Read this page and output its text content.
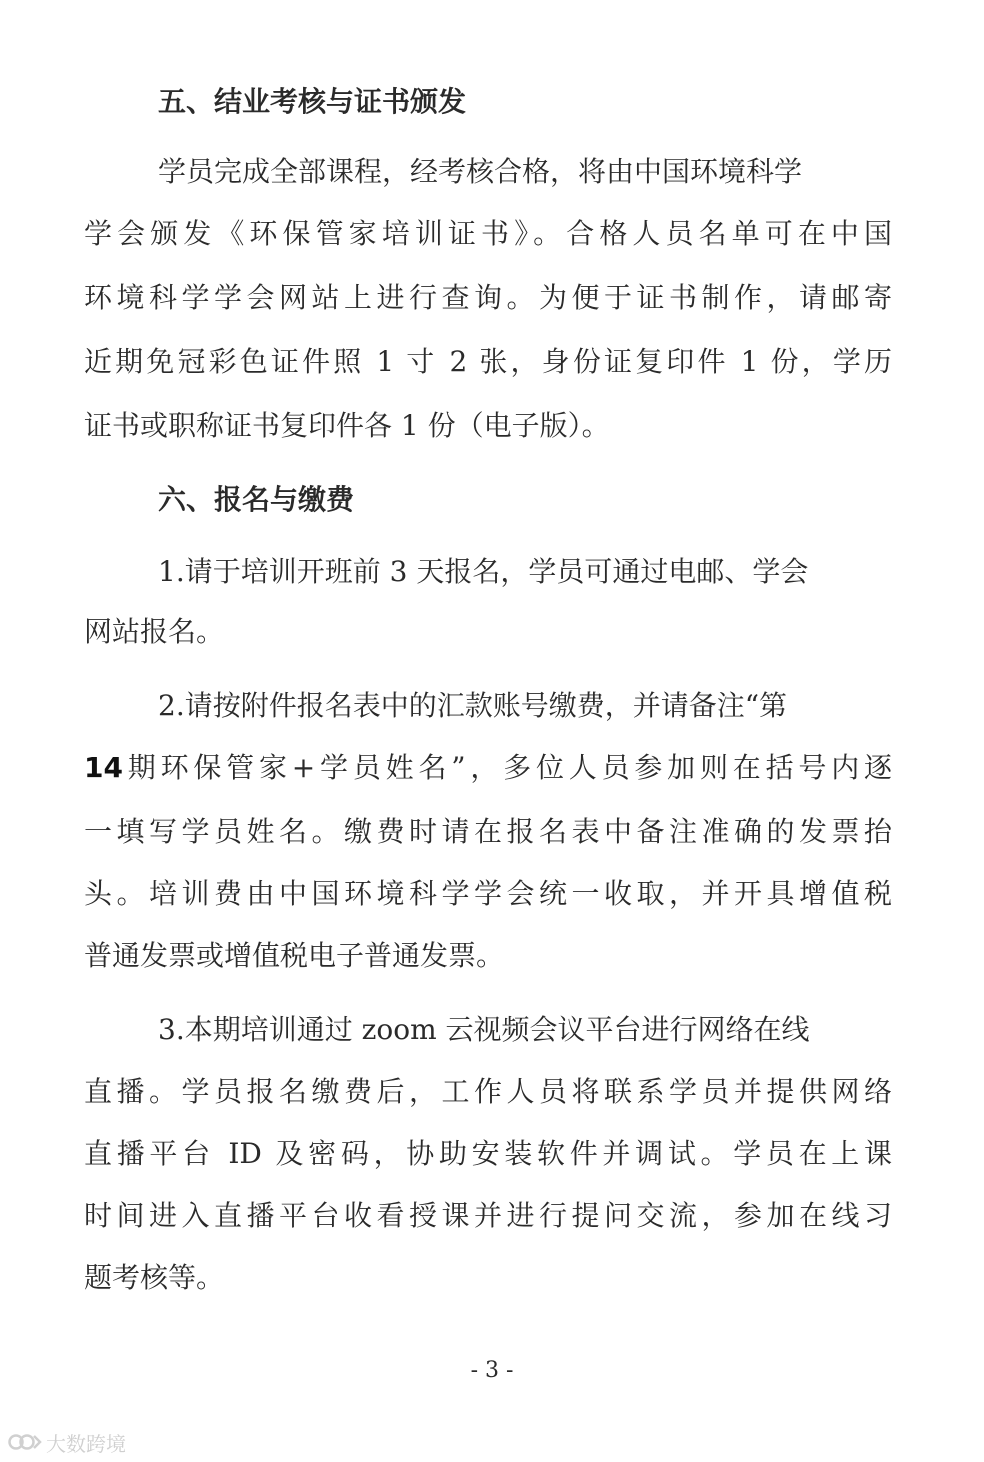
五、结业考核与证书颁发
学员完成全部课程，经考核合格，将由中国环境科学
学会颁发《环保管家培训证书》。合格人员名单可在中国
环境科学学会网站上进行查询。为便于证书制作，请邮寄
近期免冠彩色证件照 1 寸 2 张，身份证复印件 1 份，学历
证书或职称证书复印件各 1 份（电子版）。
六、报名与缴费
1.请于培训开班前 3 天报名，学员可通过电邮、学会
网站报名。
2.请按附件报名表中的汇款账号缴费，并请备注“第
14期环保管家+学员姓名”，多位人员参加则在括号内逐
一填写学员姓名。缴费时请在报名表中备注准确的发票抬
头。培训费由中国环境科学学会统一收取，并开具增值税
普通发票或增值税电子普通发票。
3.本期培训通过 zoom 云视频会议平台进行网络在线
直播。学员报名缴费后，工作人员将联系学员并提供网络
直播平台 ID 及密码，协助安装软件并调试。学员在上课
时间进入直播平台收看授课并进行提问交流，参加在线习
题考核等。
- 3 -
大数跨境
